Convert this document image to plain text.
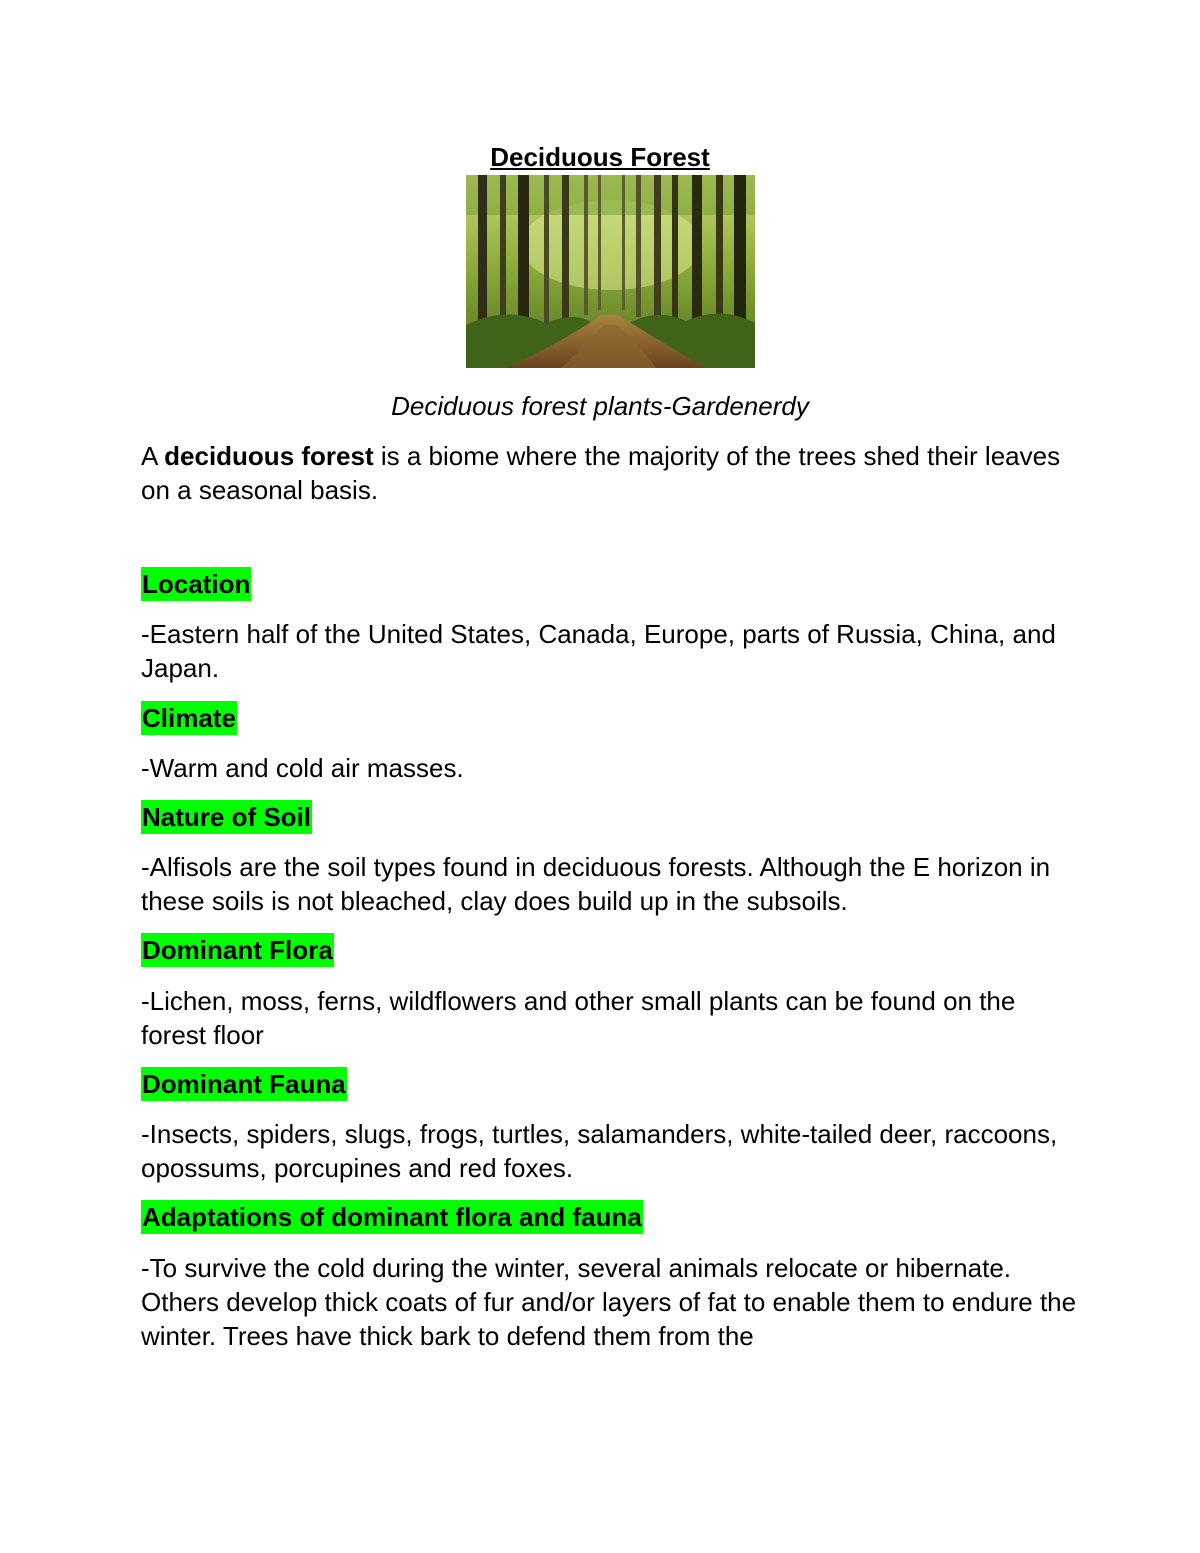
Deciduous Forest
Deciduous forest plants-Gardenerdy
A deciduous forest is a biome where the majority of the trees shed their leaves on a seasonal basis.
Location
-Eastern half of the United States, Canada, Europe, parts of Russia, China, and Japan.
Climate
-Warm and cold air masses.
Nature of Soil
-Alfisols are the soil types found in deciduous forests. Although the E horizon in these soils is not bleached, clay does build up in the subsoils.
Dominant Flora
-Lichen, moss, ferns, wildflowers and other small plants can be found on the forest floor
Dominant Fauna
-Insects, spiders, slugs, frogs, turtles, salamanders, white-tailed deer, raccoons, opossums, porcupines and red foxes.
Adaptations of dominant flora and fauna
-To survive the cold during the winter, several animals relocate or hibernate. Others develop thick coats of fur and/or layers of fat to enable them to endure the winter. Trees have thick bark to defend them from the
